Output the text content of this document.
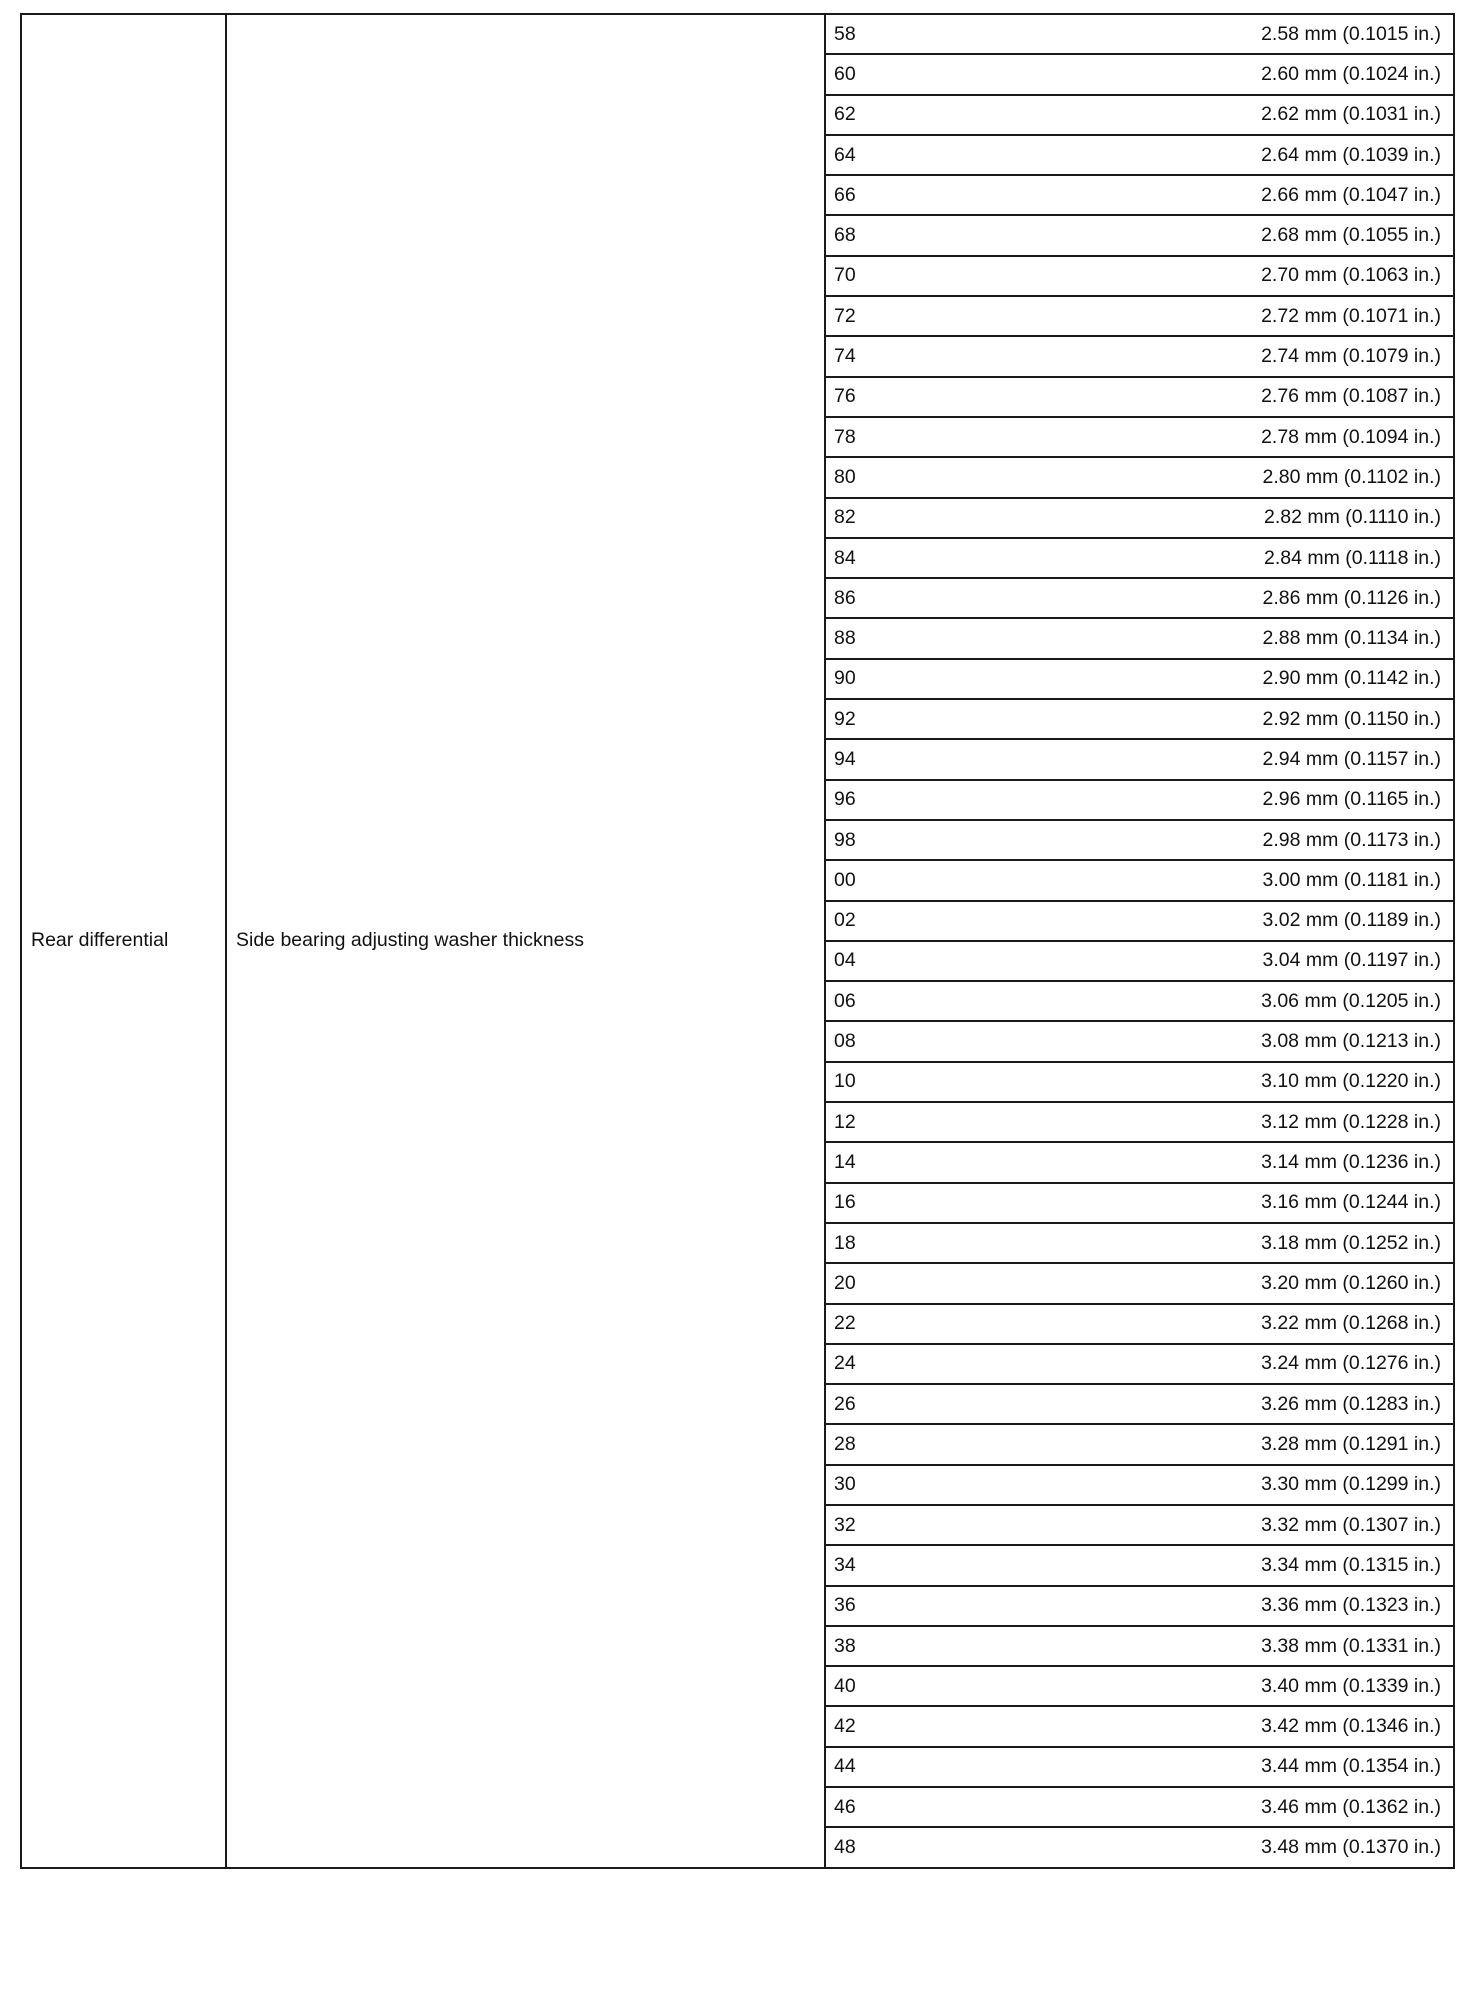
Rear differential	Side bearing adjusting washer thickness	
58	2.58 mm (0.1015 in.)

60	2.60 mm (0.1024 in.)

62	2.62 mm (0.1031 in.)

64	2.64 mm (0.1039 in.)

66	2.66 mm (0.1047 in.)

68	2.68 mm (0.1055 in.)

70	2.70 mm (0.1063 in.)

72	2.72 mm (0.1071 in.)

74	2.74 mm (0.1079 in.)

76	2.76 mm (0.1087 in.)

78	2.78 mm (0.1094 in.)

80	2.80 mm (0.1102 in.)

82	2.82 mm (0.1110 in.)

84	2.84 mm (0.1118 in.)

86	2.86 mm (0.1126 in.)

88	2.88 mm (0.1134 in.)

90	2.90 mm (0.1142 in.)

92	2.92 mm (0.1150 in.)

94	2.94 mm (0.1157 in.)

96	2.96 mm (0.1165 in.)

98	2.98 mm (0.1173 in.)

00	3.00 mm (0.1181 in.)

02	3.02 mm (0.1189 in.)

04	3.04 mm (0.1197 in.)

06	3.06 mm (0.1205 in.)

08	3.08 mm (0.1213 in.)

10	3.10 mm (0.1220 in.)

12	3.12 mm (0.1228 in.)

14	3.14 mm (0.1236 in.)

16	3.16 mm (0.1244 in.)

18	3.18 mm (0.1252 in.)

20	3.20 mm (0.1260 in.)

22	3.22 mm (0.1268 in.)

24	3.24 mm (0.1276 in.)

26	3.26 mm (0.1283 in.)

28	3.28 mm (0.1291 in.)

30	3.30 mm (0.1299 in.)

32	3.32 mm (0.1307 in.)

34	3.34 mm (0.1315 in.)

36	3.36 mm (0.1323 in.)

38	3.38 mm (0.1331 in.)

40	3.40 mm (0.1339 in.)

42	3.42 mm (0.1346 in.)

44	3.44 mm (0.1354 in.)

46	3.46 mm (0.1362 in.)

48	3.48 mm (0.1370 in.)
